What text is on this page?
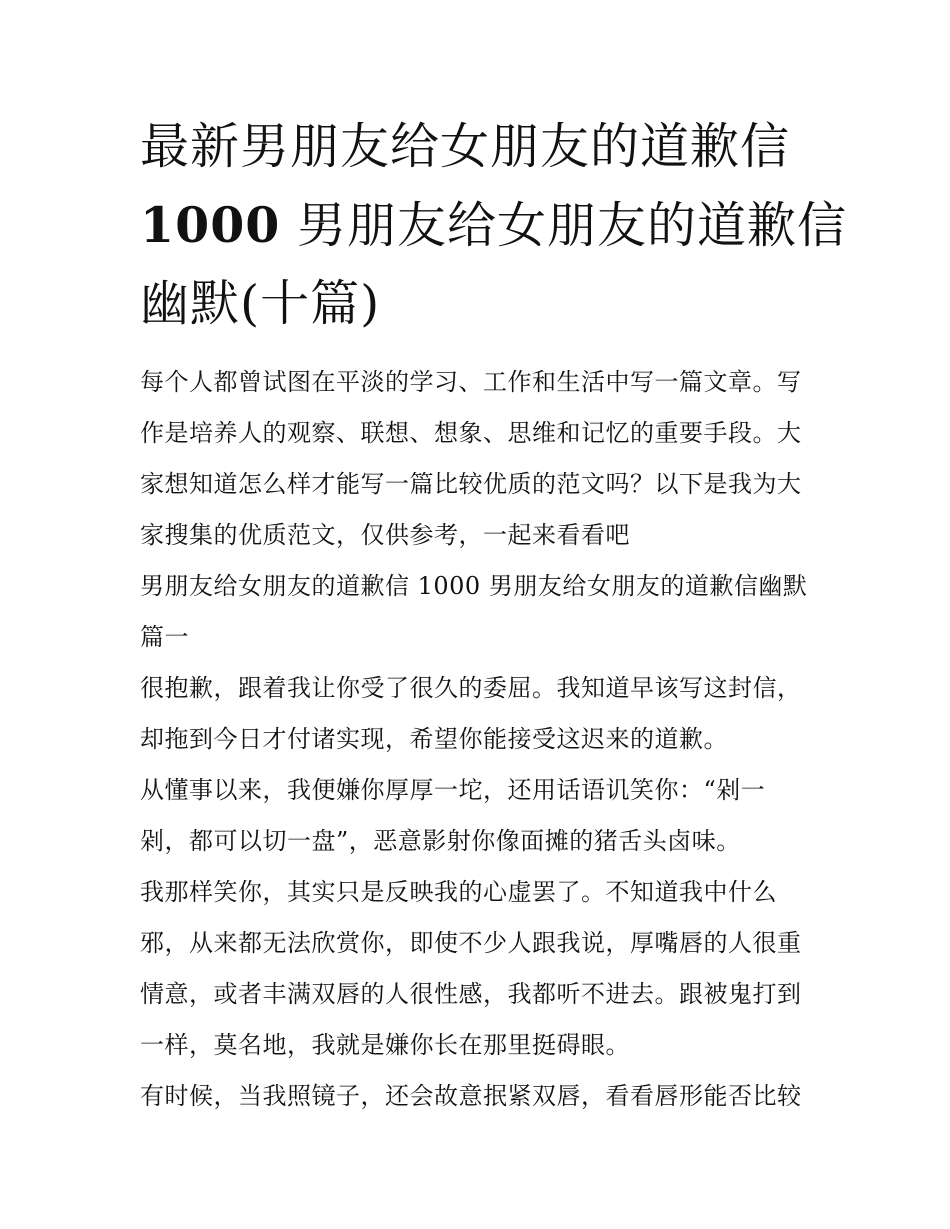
最新男朋友给女朋友的道歉信
1000 男朋友给女朋友的道歉信
幽默(十篇)

每个人都曾试图在平淡的学习、工作和生活中写一篇文章。写
作是培养人的观察、联想、想象、思维和记忆的重要手段。大
家想知道怎么样才能写一篇比较优质的范文吗？以下是我为大
家搜集的优质范文，仅供参考，一起来看看吧

男朋友给女朋友的道歉信 1000 男朋友给女朋友的道歉信幽默
篇一

很抱歉，跟着我让你受了很久的委屈。我知道早该写这封信，
却拖到今日才付诸实现，希望你能接受这迟来的道歉。

从懂事以来，我便嫌你厚厚一坨，还用话语讥笑你：“剁一
剁，都可以切一盘”，恶意影射你像面摊的猪舌头卤味。

我那样笑你，其实只是反映我的心虚罢了。不知道我中什么
邪，从来都无法欣赏你，即使不少人跟我说，厚嘴唇的人很重
情意，或者丰满双唇的人很性感，我都听不进去。跟被鬼打到
一样，莫名地，我就是嫌你长在那里挺碍眼。

有时候，当我照镜子，还会故意抿紧双唇，看看唇形能否比较
